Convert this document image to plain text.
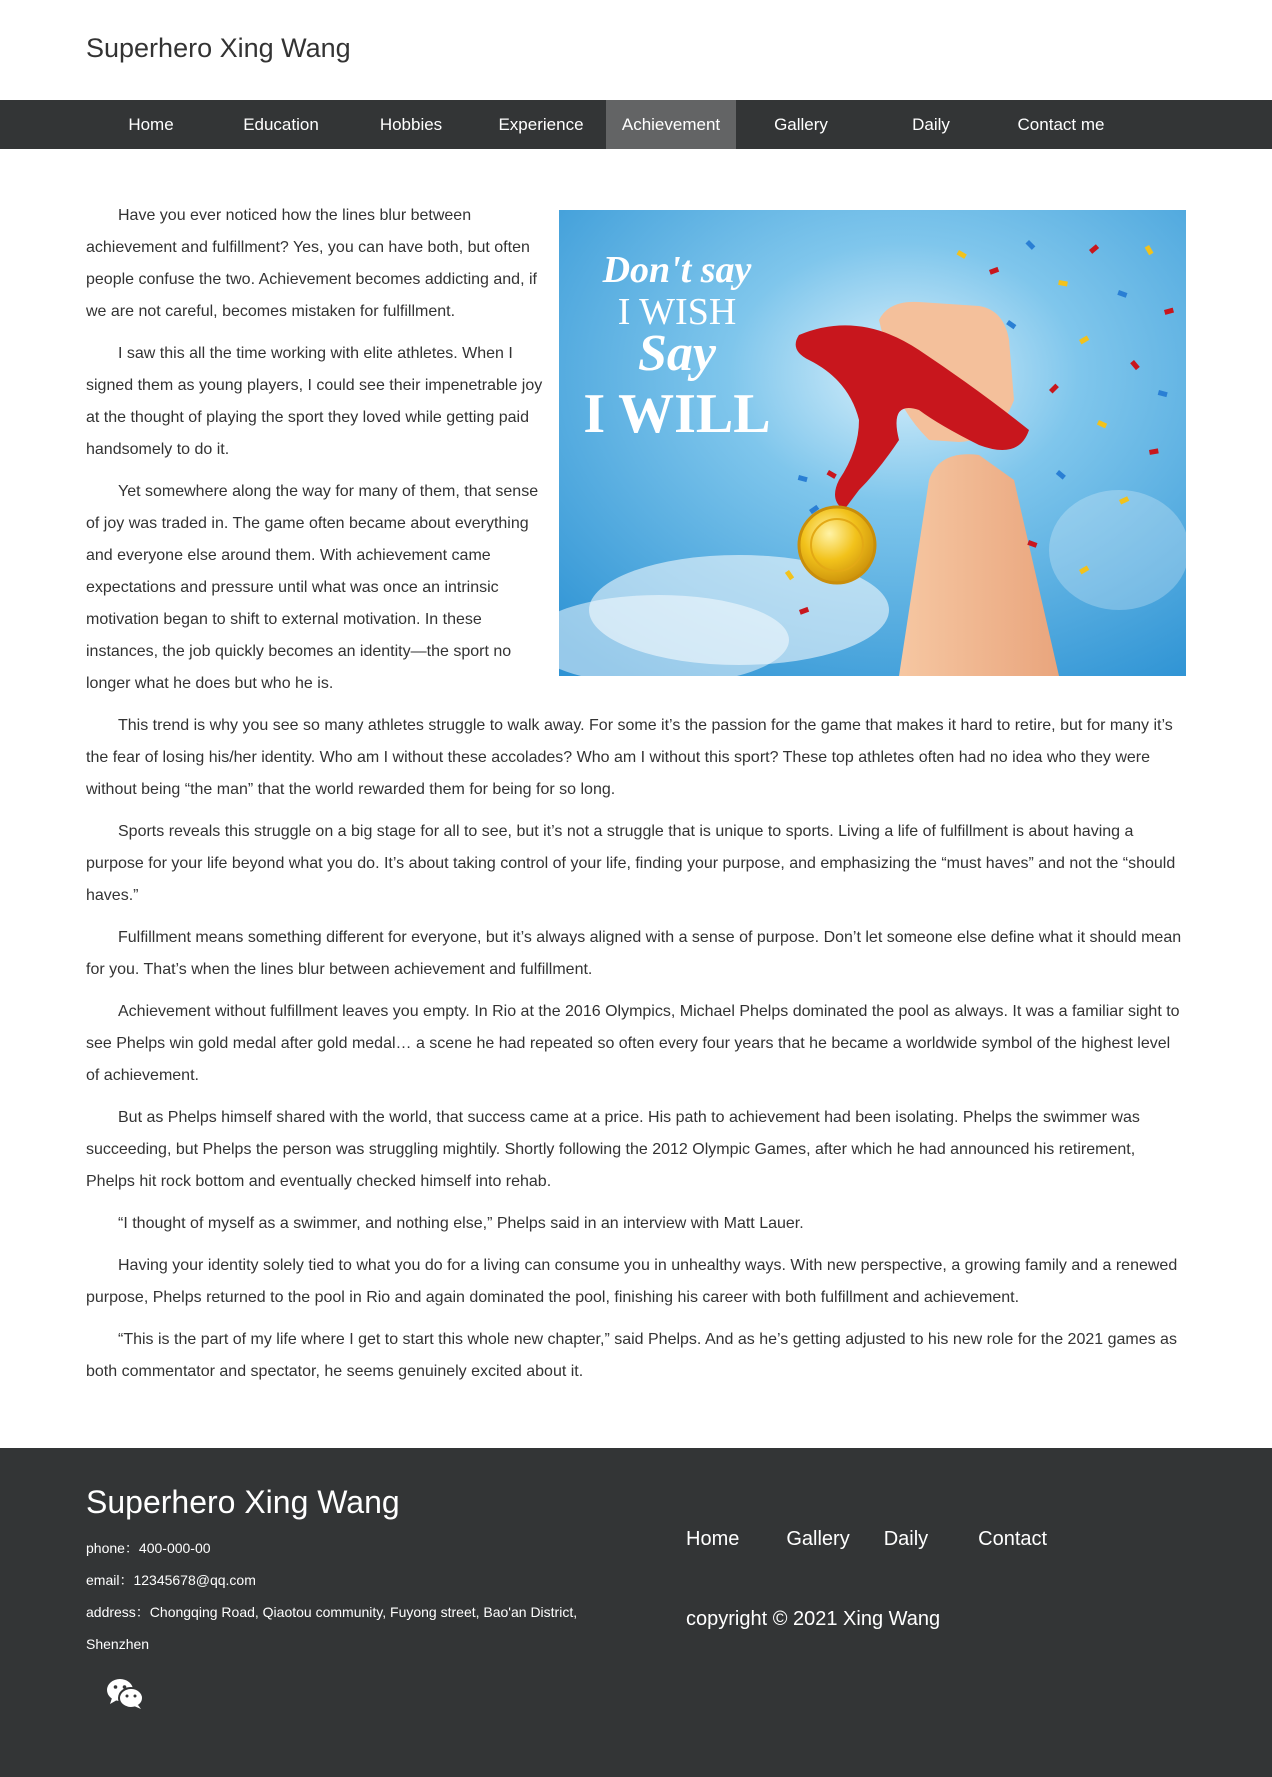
Superhero Xing Wang
Home	Education	Hobbies	Experience	Achievement	Gallery	Daily	Contact me
Don't say
I WISH
Say
I WILL

Have you ever noticed how the lines blur between achievement and fulfillment? Yes, you can have both, but often people confuse the two. Achievement becomes addicting and, if we are not careful, becomes mistaken for fulfillment.

I saw this all the time working with elite athletes. When I signed them as young players, I could see their impenetrable joy at the thought of playing the sport they loved while getting paid handsomely to do it.

Yet somewhere along the way for many of them, that sense of joy was traded in. The game often became about everything and everyone else around them. With achievement came expectations and pressure until what was once an intrinsic motivation began to shift to external motivation. In these instances, the job quickly becomes an identity—the sport no longer what he does but who he is.

This trend is why you see so many athletes struggle to walk away. For some it’s the passion for the game that makes it hard to retire, but for many it’s the fear of losing his/her identity. Who am I without these accolades? Who am I without this sport? These top athletes often had no idea who they were without being “the man” that the world rewarded them for being for so long.

Sports reveals this struggle on a big stage for all to see, but it’s not a struggle that is unique to sports. Living a life of fulfillment is about having a purpose for your life beyond what you do. It’s about taking control of your life, finding your purpose, and emphasizing the “must haves” and not the “should haves.”

Fulfillment means something different for everyone, but it’s always aligned with a sense of purpose. Don’t let someone else define what it should mean for you. That’s when the lines blur between achievement and fulfillment.

Achievement without fulfillment leaves you empty. In Rio at the 2016 Olympics, Michael Phelps dominated the pool as always. It was a familiar sight to see Phelps win gold medal after gold medal… a scene he had repeated so often every four years that he became a worldwide symbol of the highest level of achievement.

But as Phelps himself shared with the world, that success came at a price. His path to achievement had been isolating. Phelps the swimmer was succeeding, but Phelps the person was struggling mightily. Shortly following the 2012 Olympic Games, after which he had announced his retirement, Phelps hit rock bottom and eventually checked himself into rehab.

“I thought of myself as a swimmer, and nothing else,” Phelps said in an interview with Matt Lauer.

Having your identity solely tied to what you do for a living can consume you in unhealthy ways. With new perspective, a growing family and a renewed purpose, Phelps returned to the pool in Rio and again dominated the pool, finishing his career with both fulfillment and achievement.

“This is the part of my life where I get to start this whole new chapter,” said Phelps. And as he’s getting adjusted to his new role for the 2021 games as both commentator and spectator, he seems genuinely excited about it.

Superhero Xing Wang
phone：400-000-00
email：12345678@qq.com
address：Chongqing Road, Qiaotou community, Fuyong street, Bao'an District, Shenzhen
Home Gallery Daily	Contact
copyright © 2021 Xing Wang
